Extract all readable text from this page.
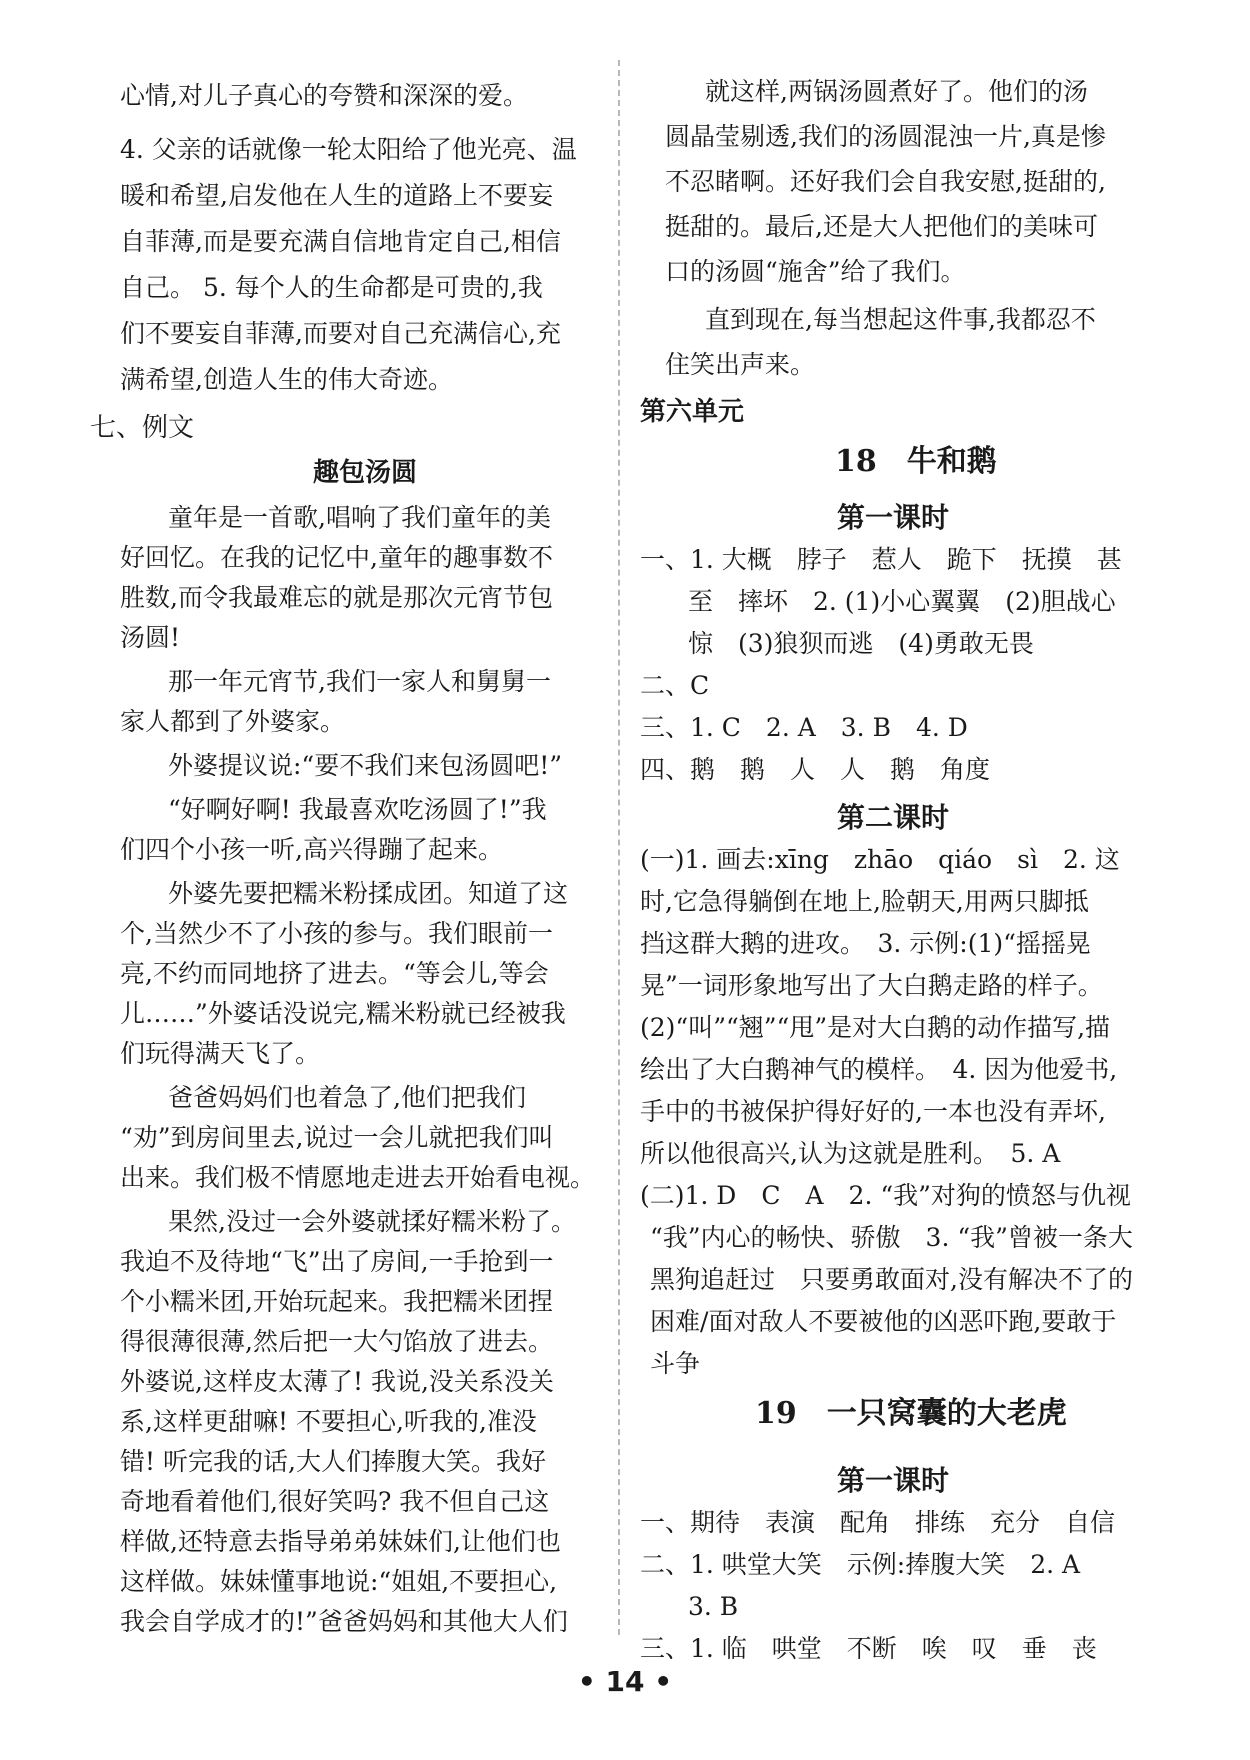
心情,对儿子真心的夸赞和深深的爱。
4. 父亲的话就像一轮太阳给了他光亮、温
暖和希望,启发他在人生的道路上不要妄
自菲薄,而是要充满自信地肯定自己,相信
自己。 5. 每个人的生命都是可贵的,我
们不要妄自菲薄,而要对自己充满信心,充
满希望,创造人生的伟大奇迹。
七、例文
趣包汤圆
童年是一首歌,唱响了我们童年的美
好回忆。在我的记忆中,童年的趣事数不
胜数,而令我最难忘的就是那次元宵节包
汤圆!
那一年元宵节,我们一家人和舅舅一
家人都到了外婆家。
外婆提议说:“要不我们来包汤圆吧!”
“好啊好啊! 我最喜欢吃汤圆了!”我
们四个小孩一听,高兴得蹦了起来。
外婆先要把糯米粉揉成团。知道了这
个,当然少不了小孩的参与。我们眼前一
亮,不约而同地挤了进去。“等会儿,等会
儿……”外婆话没说完,糯米粉就已经被我
们玩得满天飞了。
爸爸妈妈们也着急了,他们把我们
“劝”到房间里去,说过一会儿就把我们叫
出来。我们极不情愿地走进去开始看电视。
果然,没过一会外婆就揉好糯米粉了。
我迫不及待地“飞”出了房间,一手抢到一
个小糯米团,开始玩起来。我把糯米团捏
得很薄很薄,然后把一大勺馅放了进去。
外婆说,这样皮太薄了! 我说,没关系没关
系,这样更甜嘛! 不要担心,听我的,准没
错! 听完我的话,大人们捧腹大笑。我好
奇地看着他们,很好笑吗? 我不但自己这
样做,还特意去指导弟弟妹妹们,让他们也
这样做。妹妹懂事地说:“姐姐,不要担心,
我会自学成才的!”爸爸妈妈和其他大人们
就这样,两锅汤圆煮好了。他们的汤
圆晶莹剔透,我们的汤圆混浊一片,真是惨
不忍睹啊。还好我们会自我安慰,挺甜的,
挺甜的。最后,还是大人把他们的美味可
口的汤圆“施舍”给了我们。
直到现在,每当想起这件事,我都忍不
住笑出声来。
第六单元
18　牛和鹅
第一课时
一、1. 大概　脖子　惹人　跪下　抚摸　甚
至　摔坏　2. (1)小心翼翼　(2)胆战心
惊　(3)狼狈而逃　(4)勇敢无畏
二、C
三、1. C　2. A　3. B　4. D
四、鹅　鹅　人　人　鹅　角度
第二课时
(一)1. 画去:xīng　zhāo　qiáo　sì　2. 这
时,它急得躺倒在地上,脸朝天,用两只脚抵
挡这群大鹅的进攻。　3. 示例:(1)“摇摇晃
晃”一词形象地写出了大白鹅走路的样子。
(2)“叫”“翘”“甩”是对大白鹅的动作描写,描
绘出了大白鹅神气的模样。　4. 因为他爱书,
手中的书被保护得好好的,一本也没有弄坏,
所以他很高兴,认为这就是胜利。　5. A
(二)1. D　C　A　2. “我”对狗的愤怒与仇视
“我”内心的畅快、骄傲　3. “我”曾被一条大
黑狗追赶过　只要勇敢面对,没有解决不了的
困难/面对敌人不要被他的凶恶吓跑,要敢于
斗争
19　一只窝囊的大老虎
第一课时
一、期待　表演　配角　排练　充分　自信
二、1. 哄堂大笑　示例:捧腹大笑　2. A
3. B
三、1. 临　哄堂　不断　唉　叹　垂　丧
• 14 •
